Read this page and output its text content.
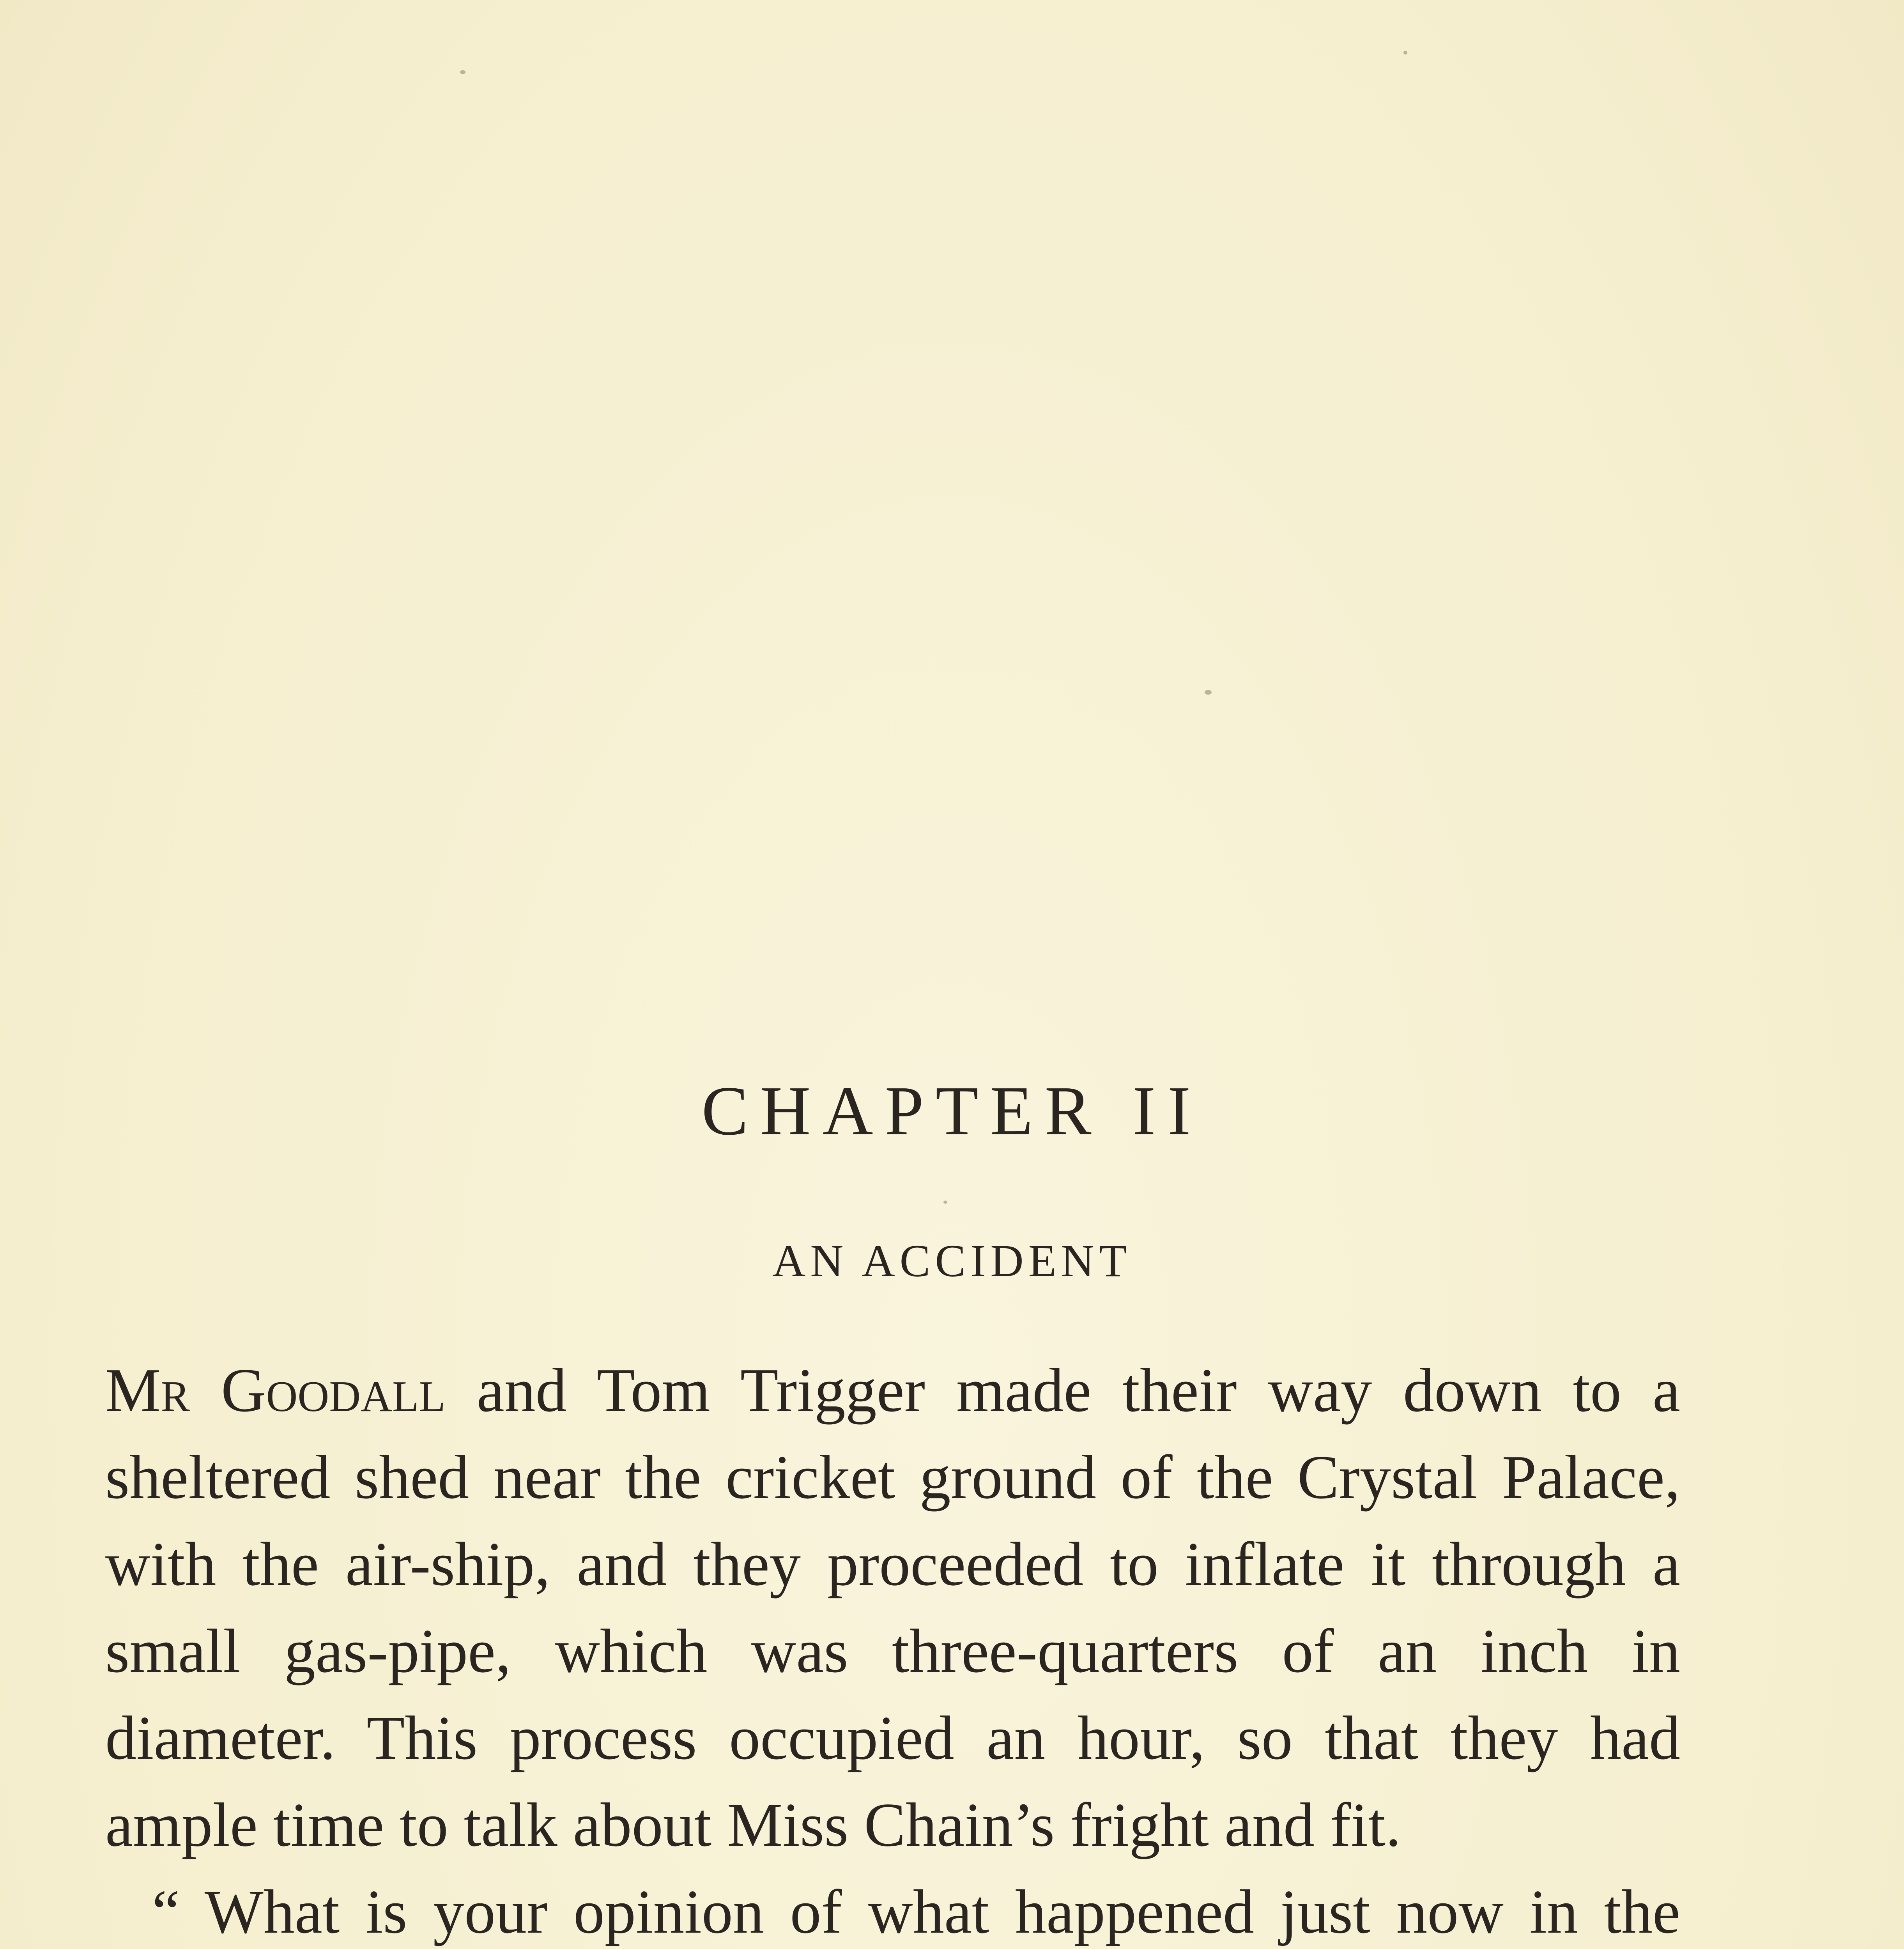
CHAPTER II
AN ACCIDENT

Mr Goodall and Tom Trigger made their way down to a sheltered shed near the cricket ground of the Crystal Palace, with the air-ship, and they proceeded to inflate it through a small gas-pipe, which was three-quarters of an inch in diameter. This process occupied an hour, so that they had ample time to talk about Miss Chain’s fright and fit.

“ What is your opinion of what happened just now in the
